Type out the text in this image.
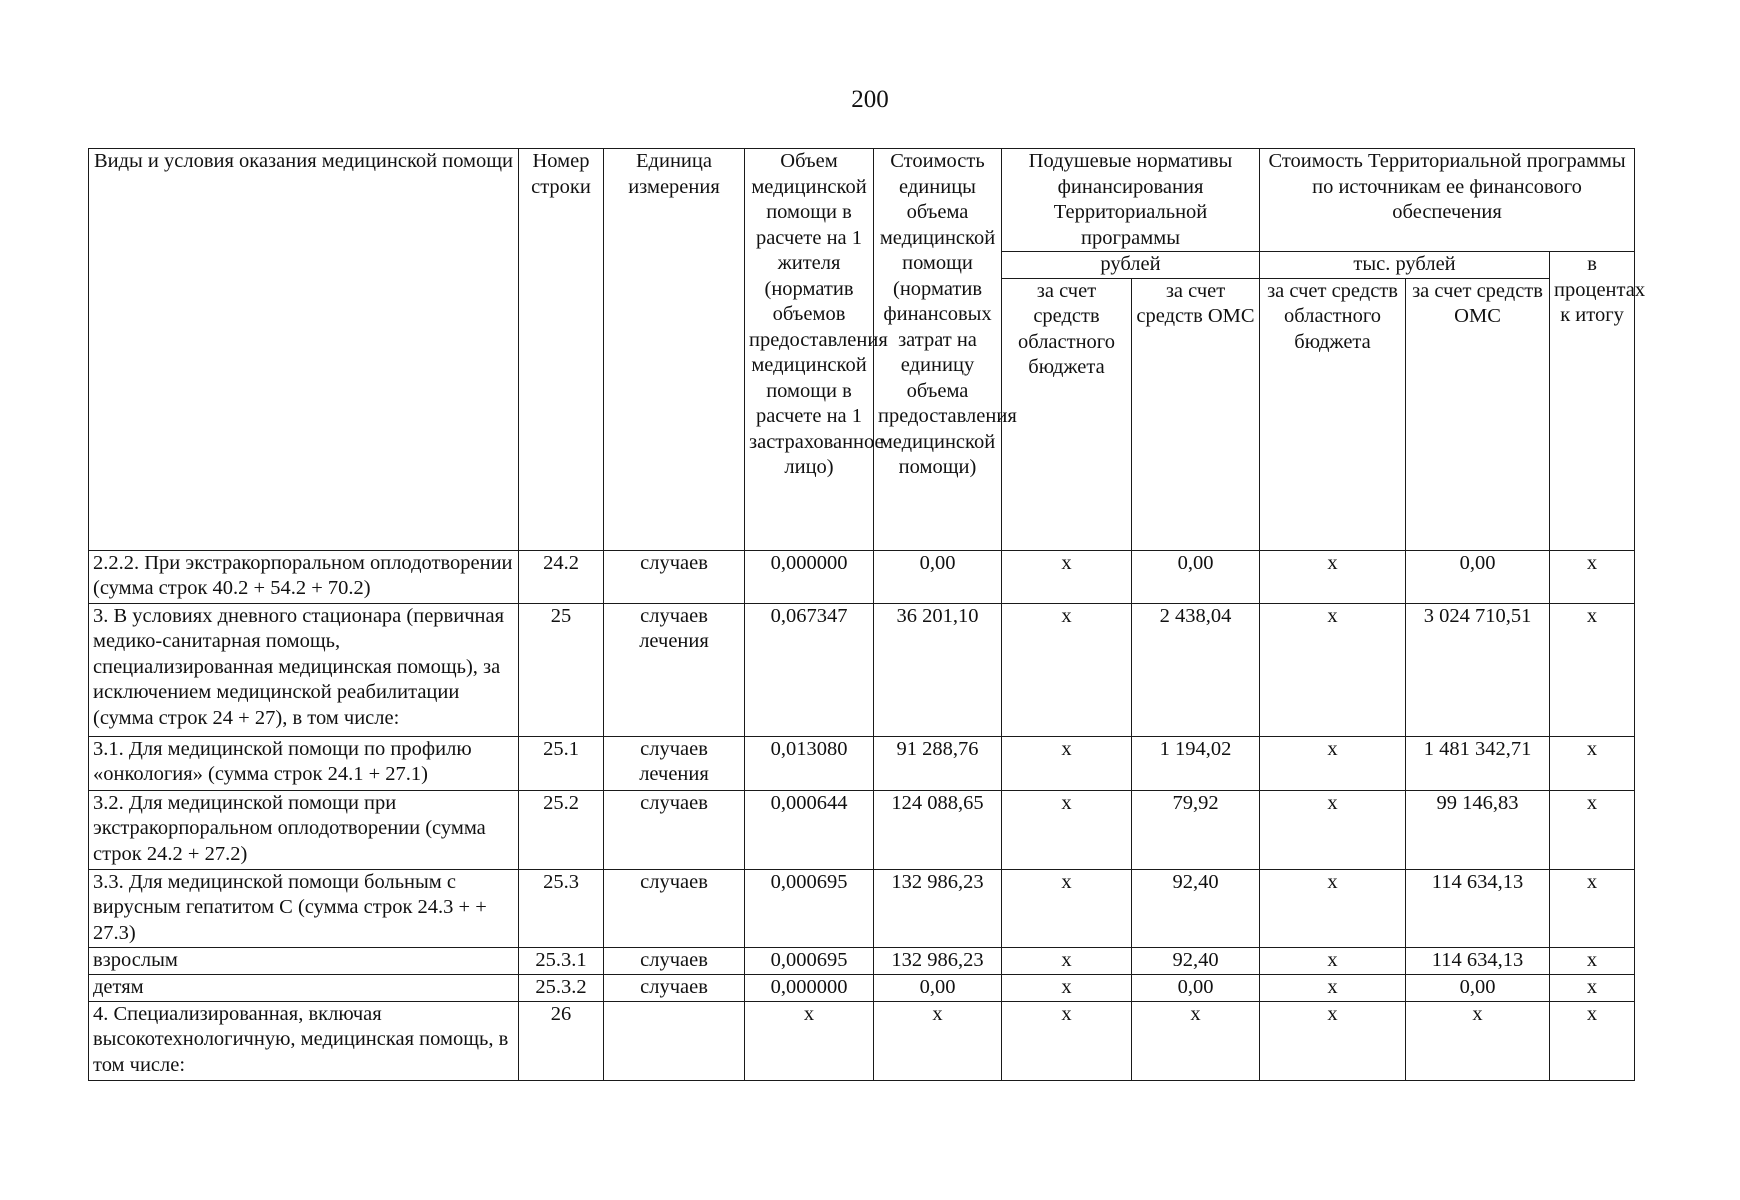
200
Виды и условия оказания медицинской помощи	Номер строки	Единица измерения	Объем медицинской помощи в расчете на 1 жителя (норматив объемов предоставления медицинской помощи в расчете на 1 застрахованное лицо)	Стоимость единицы объема медицинской помощи (норматив финансовых затрат на единицу объема предоставления медицинской помощи)	Подушевые нормативы финансирования Территориальной программы		Стоимость Территориальной программы по источникам ее финансового обеспечения		
					рублей		тыс. рублей		в процентах к итогу
					за счет средств областного бюджета	за счет средств ОМС	за счет средств областного бюджета	за счет средств ОМС	

2.2.2. При экстракорпоральном оплодотворении (сумма строк 40.2 + 54.2 + 70.2)	24.2	случаев	0,000000	0,00	х	0,00	х	0,00	х
3. В условиях дневного стационара (первичная медико-санитарная помощь, специализированная медицинская помощь), за исключением медицинской реабилитации (сумма строк 24 + 27), в том числе:	25	случаев лечения	0,067347	36 201,10	х	2 438,04	х	3 024 710,51	х
3.1. Для медицинской помощи по профилю «онкология» (сумма строк 24.1 + 27.1)	25.1	случаев лечения	0,013080	91 288,76	х	1 194,02	х	1 481 342,71	х
3.2. Для медицинской помощи при экстракорпоральном оплодотворении (сумма строк 24.2 + 27.2)	25.2	случаев	0,000644	124 088,65	х	79,92	х	99 146,83	х
3.3. Для медицинской помощи больным с вирусным гепатитом С (сумма строк 24.3 + + 27.3)	25.3	случаев	0,000695	132 986,23	х	92,40	х	114 634,13	х
взрослым	25.3.1	случаев	0,000695	132 986,23	х	92,40	х	114 634,13	х
детям	25.3.2	случаев	0,000000	0,00	х	0,00	х	0,00	х
4. Специализированная, включая высокотехнологичную, медицинская помощь, в том числе:	26		х	х	х	х	х	х	х
